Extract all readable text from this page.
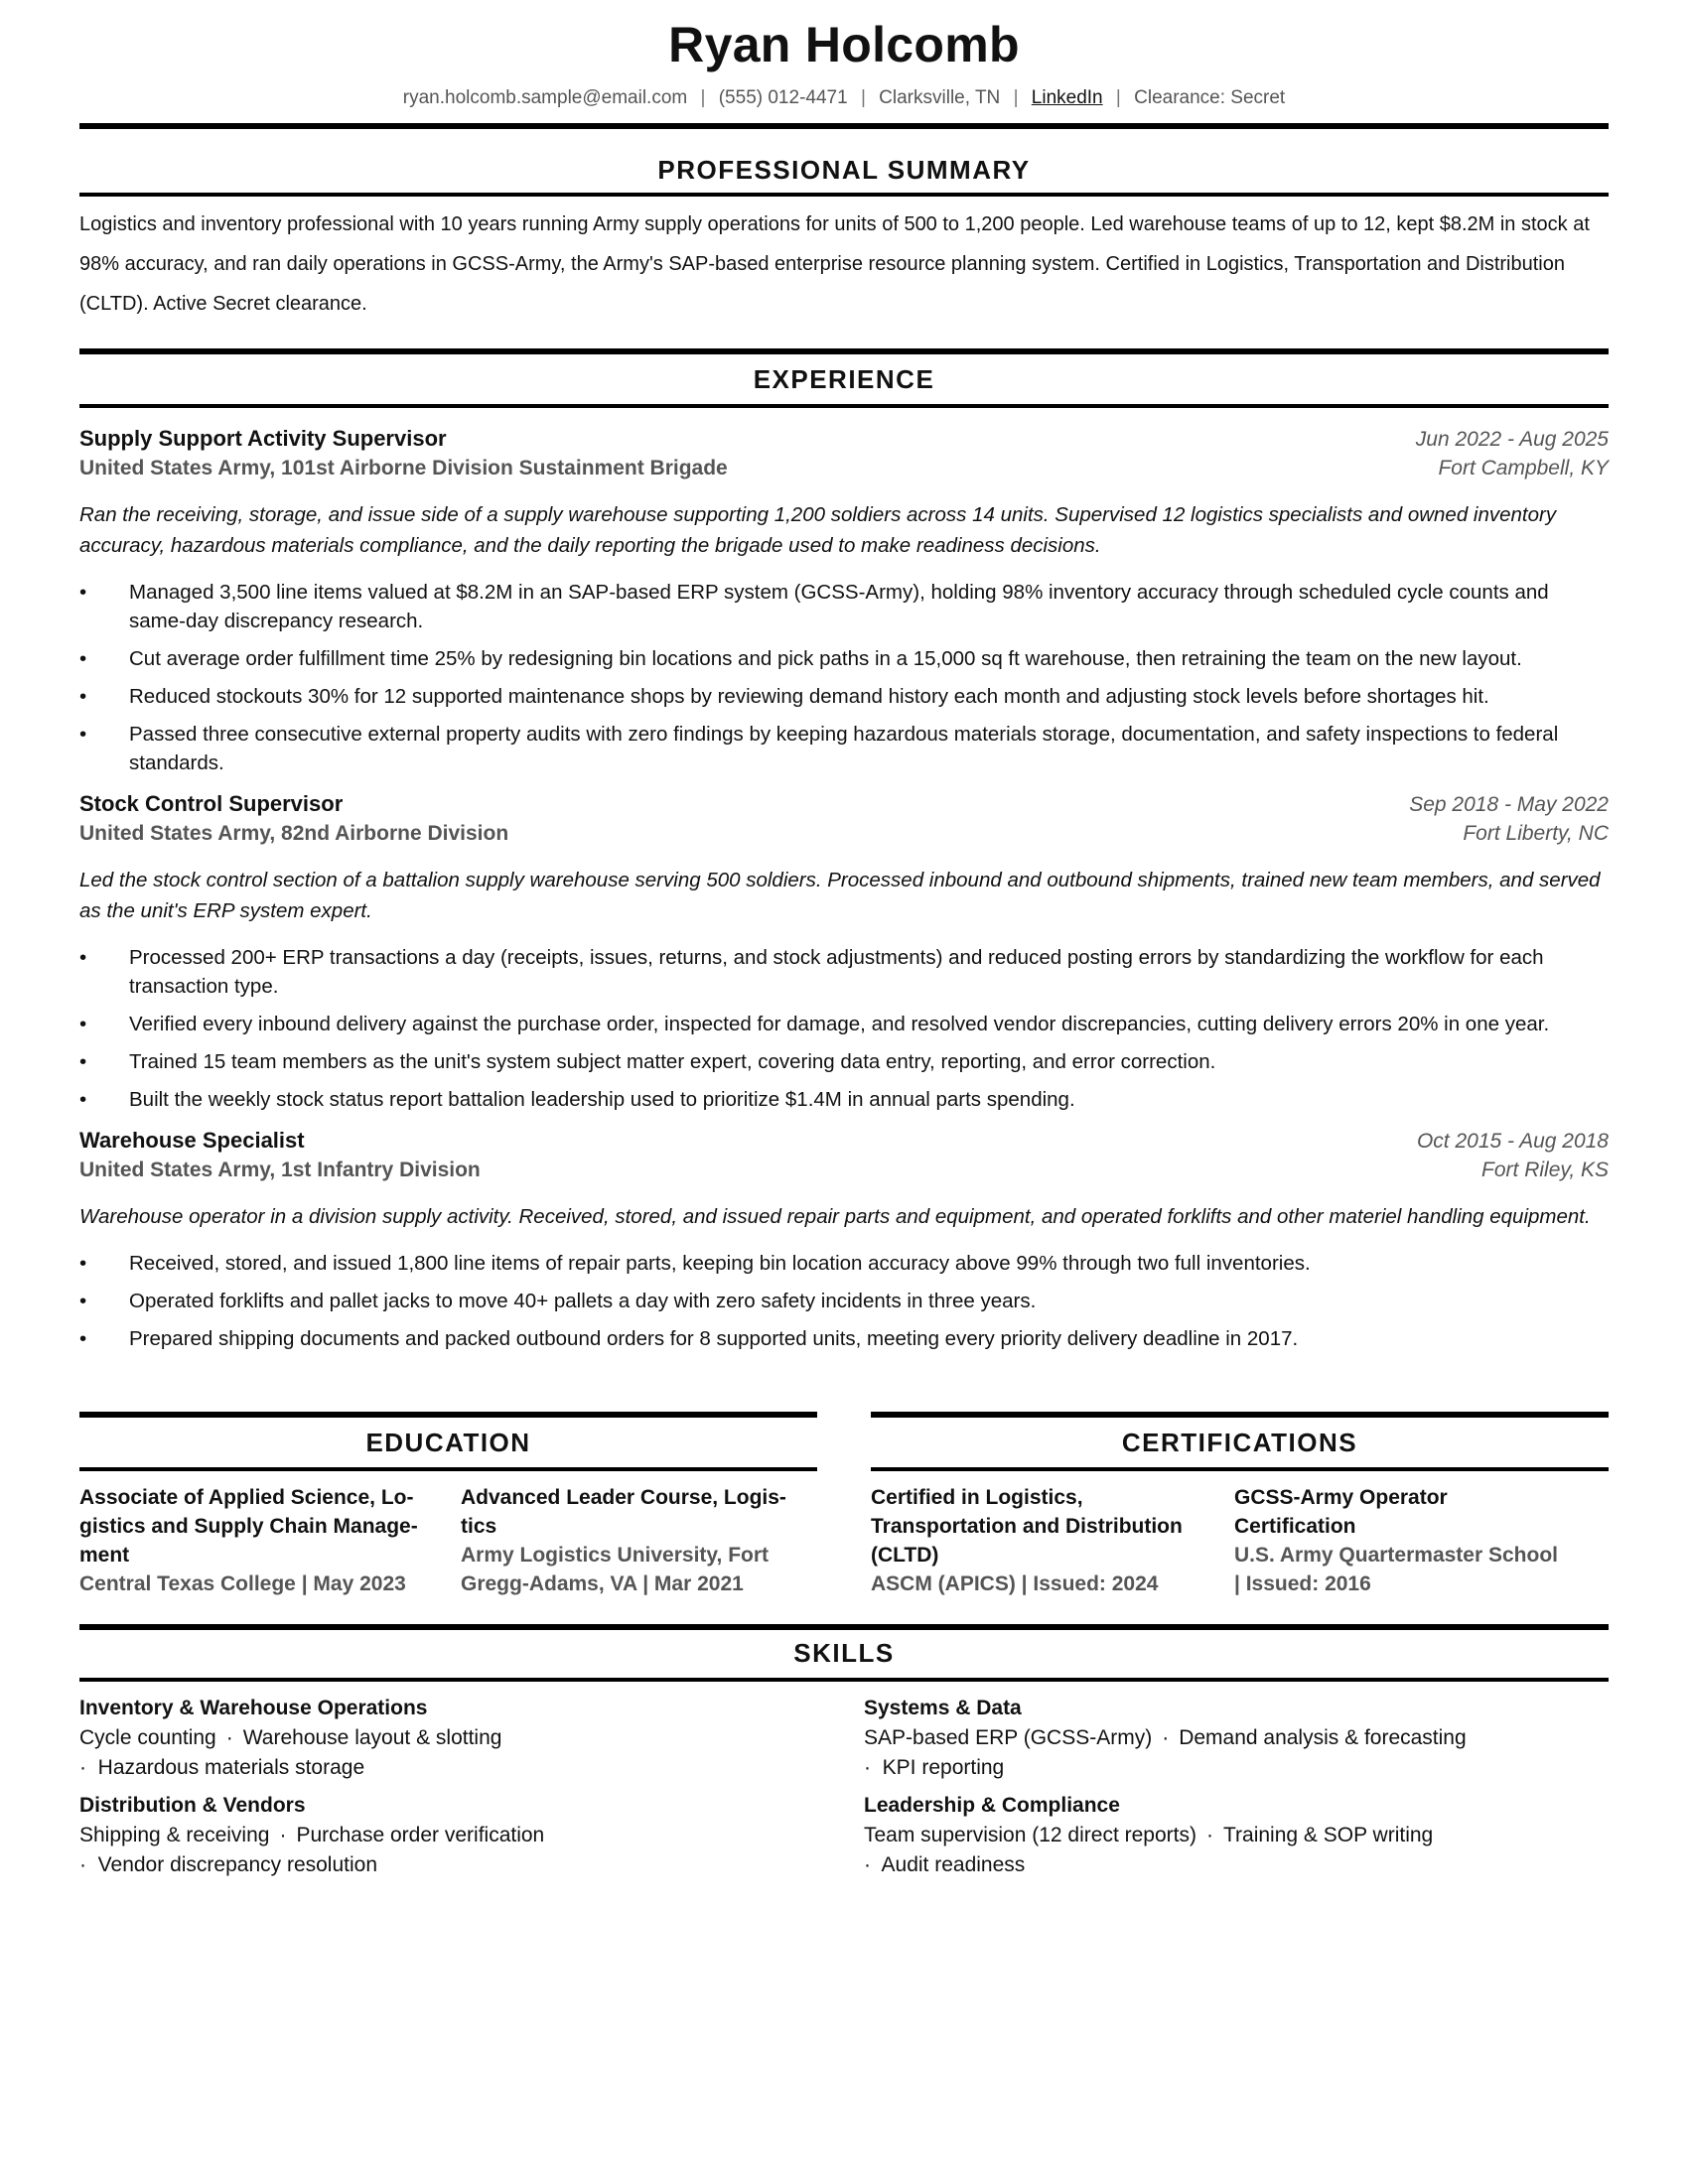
Ryan Holcomb
ryan.holcomb.sample@email.com | (555) 012-4471 | Clarksville, TN | LinkedIn | Clearance: Secret
PROFESSIONAL SUMMARY
Logistics and inventory professional with 10 years running Army supply operations for units of 500 to 1,200 people. Led warehouse teams of up to 12, kept $8.2M in stock at 98% accuracy, and ran daily operations in GCSS-Army, the Army's SAP-based enterprise resource planning system. Certified in Logistics, Transportation and Distribution (CLTD). Active Secret clearance.
EXPERIENCE
Supply Support Activity Supervisor	Jun 2022 - Aug 2025
United States Army, 101st Airborne Division Sustainment Brigade	Fort Campbell, KY
Ran the receiving, storage, and issue side of a supply warehouse supporting 1,200 soldiers across 14 units. Supervised 12 logistics specialists and owned inventory accuracy, hazardous materials compliance, and the daily reporting the brigade used to make readiness decisions.
• Managed 3,500 line items valued at $8.2M in an SAP-based ERP system (GCSS-Army), holding 98% inventory accuracy through scheduled cycle counts and same-day discrepancy research.
• Cut average order fulfillment time 25% by redesigning bin locations and pick paths in a 15,000 sq ft warehouse, then retraining the team on the new layout.
• Reduced stockouts 30% for 12 supported maintenance shops by reviewing demand history each month and adjusting stock levels before shortages hit.
• Passed three consecutive external property audits with zero findings by keeping hazardous materials storage, documentation, and safety inspections to federal standards.
Stock Control Supervisor	Sep 2018 - May 2022
United States Army, 82nd Airborne Division	Fort Liberty, NC
Led the stock control section of a battalion supply warehouse serving 500 soldiers. Processed inbound and outbound shipments, trained new team members, and served as the unit's ERP system expert.
• Processed 200+ ERP transactions a day (receipts, issues, returns, and stock adjustments) and reduced posting errors by standardizing the workflow for each transaction type.
• Verified every inbound delivery against the purchase order, inspected for damage, and resolved vendor discrepancies, cutting delivery errors 20% in one year.
• Trained 15 team members as the unit's system subject matter expert, covering data entry, reporting, and error correction.
• Built the weekly stock status report battalion leadership used to prioritize $1.4M in annual parts spending.
Warehouse Specialist	Oct 2015 - Aug 2018
United States Army, 1st Infantry Division	Fort Riley, KS
Warehouse operator in a division supply activity. Received, stored, and issued repair parts and equipment, and operated forklifts and other materiel handling equipment.
• Received, stored, and issued 1,800 line items of repair parts, keeping bin location accuracy above 99% through two full inventories.
• Operated forklifts and pallet jacks to move 40+ pallets a day with zero safety incidents in three years.
• Prepared shipping documents and packed outbound orders for 8 supported units, meeting every priority delivery deadline in 2017.
EDUCATION
Associate of Applied Science, Lo-
gistics and Supply Chain Manage-
ment
Central Texas College | May 2023
Advanced Leader Course, Logis-
tics
Army Logistics University, Fort
Gregg-Adams, VA | Mar 2021
CERTIFICATIONS
Certified in Logistics,
Transportation and Distribution
(CLTD)
ASCM (APICS) | Issued: 2024
GCSS-Army Operator
Certification
U.S. Army Quartermaster School
| Issued: 2016
SKILLS
Inventory & Warehouse Operations
Cycle counting · Warehouse layout & slotting
· Hazardous materials storage
Distribution & Vendors
Shipping & receiving · Purchase order verification
· Vendor discrepancy resolution
Systems & Data
SAP-based ERP (GCSS-Army) · Demand analysis & forecasting
· KPI reporting
Leadership & Compliance
Team supervision (12 direct reports) · Training & SOP writing
· Audit readiness
